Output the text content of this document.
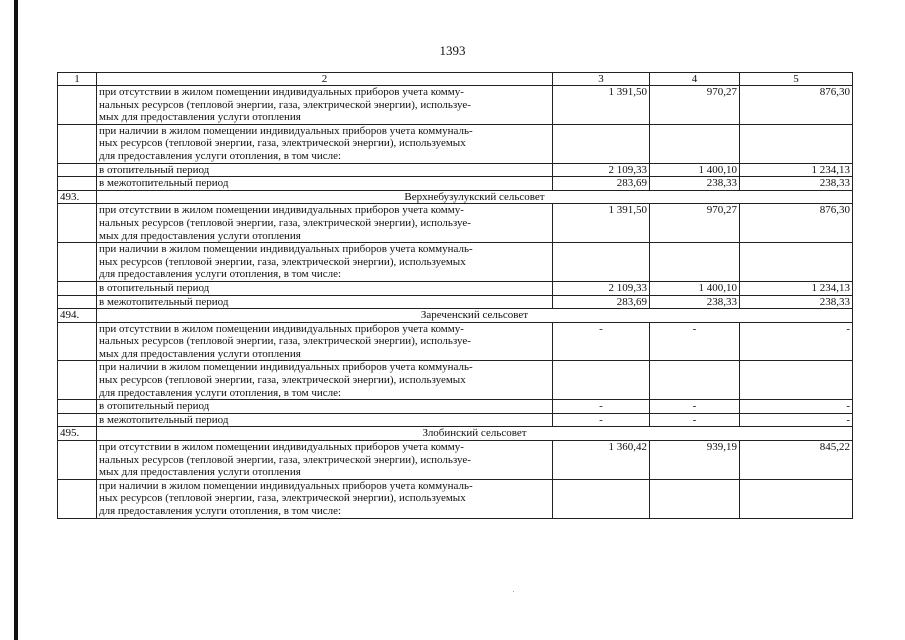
1393
1	2	3	4	5

	при отсутствии в жилом помещении индивидуальных приборов учета комму-
нальных ресурсов (тепловой энергии, газа, электрической энергии), используе-
мых для предоставления услуги отопления	1 391,50	970,27	876,30

	при наличии в жилом помещении индивидуальных приборов учета коммуналь-
ных ресурсов (тепловой энергии, газа, электрической энергии), используемых
для предоставления услуги отопления, в том числе:			

	в отопительный период	2 109,33	1 400,10	1 234,13

	в межотопительный период	283,69	238,33	238,33
493.	Верхнебузулукский сельсовет			

	при отсутствии в жилом помещении индивидуальных приборов учета комму-
нальных ресурсов (тепловой энергии, газа, электрической энергии), используе-
мых для предоставления услуги отопления	1 391,50	970,27	876,30

	при наличии в жилом помещении индивидуальных приборов учета коммуналь-
ных ресурсов (тепловой энергии, газа, электрической энергии), используемых
для предоставления услуги отопления, в том числе:			

	в отопительный период	2 109,33	1 400,10	1 234,13

	в межотопительный период	283,69	238,33	238,33
494.	Зареченский сельсовет			

	при отсутствии в жилом помещении индивидуальных приборов учета комму-
нальных ресурсов (тепловой энергии, газа, электрической энергии), используе-
мых для предоставления услуги отопления	-	-	-

	при наличии в жилом помещении индивидуальных приборов учета коммуналь-
ных ресурсов (тепловой энергии, газа, электрической энергии), используемых
для предоставления услуги отопления, в том числе:			

	в отопительный период	-	-	-

	в межотопительный период	-	-	-
495.	Злобинский сельсовет			

	при отсутствии в жилом помещении индивидуальных приборов учета комму-
нальных ресурсов (тепловой энергии, газа, электрической энергии), используе-
мых для предоставления услуги отопления	1 360,42	939,19	845,22

	при наличии в жилом помещении индивидуальных приборов учета коммуналь-
ных ресурсов (тепловой энергии, газа, электрической энергии), используемых
для предоставления услуги отопления, в том числе:			
